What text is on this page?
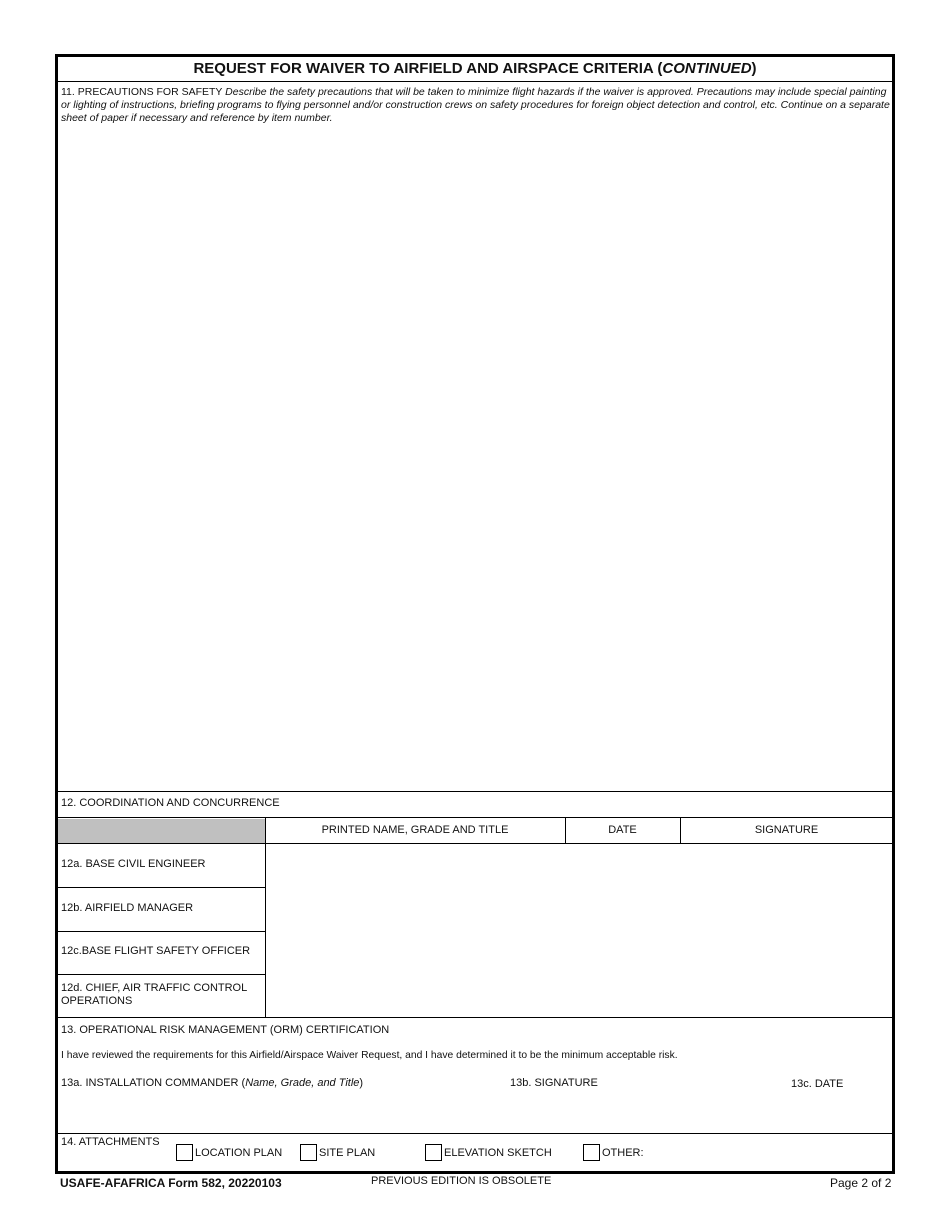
REQUEST FOR WAIVER TO AIRFIELD AND AIRSPACE CRITERIA (CONTINUED)
11. PRECAUTIONS FOR SAFETY Describe the safety precautions that will be taken to minimize flight hazards if the waiver is approved. Precautions may include special painting or lighting of instructions, briefing programs to flying personnel and/or construction crews on safety procedures for foreign object detection and control, etc. Continue on a separate sheet of paper if necessary and reference by item number.
12. COORDINATION AND CONCURRENCE
PRINTED NAME, GRADE AND TITLE	DATE	SIGNATURE
12a. BASE CIVIL ENGINEER
12b. AIRFIELD MANAGER
12c.BASE FLIGHT SAFETY OFFICER
12d. CHIEF, AIR TRAFFIC CONTROL
OPERATIONS
13. OPERATIONAL RISK MANAGEMENT (ORM) CERTIFICATION
I have reviewed the requirements for this Airfield/Airspace Waiver Request, and I have determined it to be the minimum acceptable risk.
13a. INSTALLATION COMMANDER (Name, Grade, and Title)	13b. SIGNATURE	13c. DATE
14. ATTACHMENTS
LOCATION PLAN	SITE PLAN	ELEVATION SKETCH	OTHER:
USAFE-AFAFRICA Form 582, 20220103	PREVIOUS EDITION IS OBSOLETE	Page 2 of 2
